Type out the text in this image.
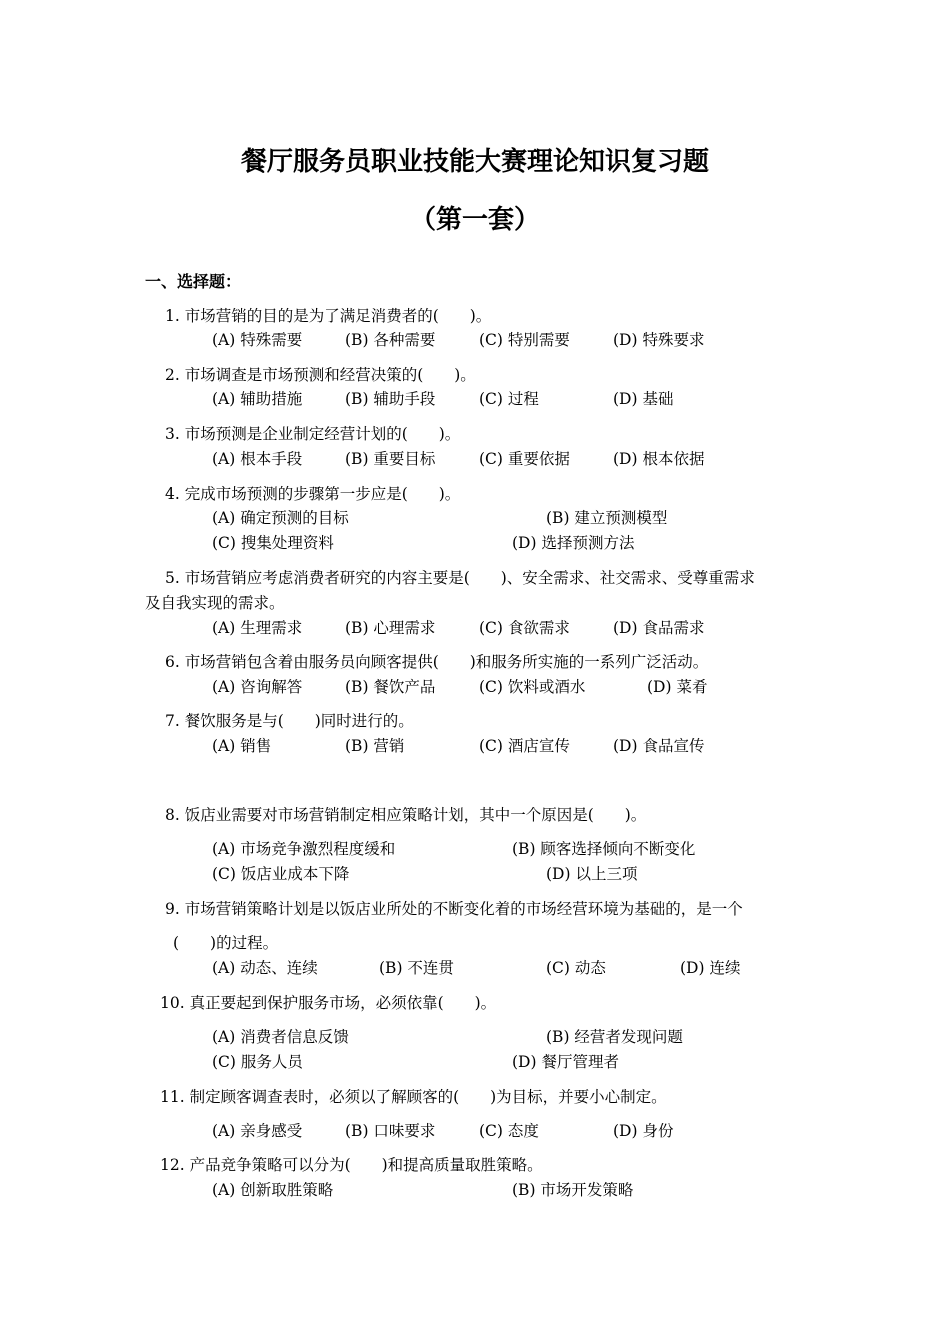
餐厅服务员职业技能大赛理论知识复习题
（第一套）
一、选择题：
1. 市场营销的目的是为了满足消费者的(　　)。
(A) 特殊需要	(B) 各种需要	(C) 特别需要	(D) 特殊要求
2. 市场调查是市场预测和经营决策的(　　)。
(A) 辅助措施	(B) 辅助手段	(C) 过程	(D) 基础
3. 市场预测是企业制定经营计划的(　　)。
(A) 根本手段	(B) 重要目标	(C) 重要依据	(D) 根本依据
4. 完成市场预测的步骤第一步应是(　　)。
(A) 确定预测的目标	(B) 建立预测模型
(C) 搜集处理资料	(D) 选择预测方法
5. 市场营销应考虑消费者研究的内容主要是(　　)、安全需求、社交需求、受尊重需求
及自我实现的需求。
(A) 生理需求	(B) 心理需求	(C) 食欲需求	(D) 食品需求
6. 市场营销包含着由服务员向顾客提供(　　)和服务所实施的一系列广泛活动。
(A) 咨询解答	(B) 餐饮产品	(C) 饮料或酒水	(D) 菜肴
7. 餐饮服务是与(　　)同时进行的。
(A) 销售	(B) 营销	(C) 酒店宣传	(D) 食品宣传
8. 饭店业需要对市场营销制定相应策略计划，其中一个原因是(　　)。
(A) 市场竞争激烈程度缓和	(B) 顾客选择倾向不断变化
(C) 饭店业成本下降	(D) 以上三项
9. 市场营销策略计划是以饭店业所处的不断变化着的市场经营环境为基础的，是一个
(　　)的过程。
(A) 动态、连续	(B) 不连贯	(C) 动态	(D) 连续
10. 真正要起到保护服务市场，必须依靠(　　)。
(A) 消费者信息反馈	(B) 经营者发现问题
(C) 服务人员	(D) 餐厅管理者
11. 制定顾客调查表时，必须以了解顾客的(　　)为目标，并要小心制定。
(A) 亲身感受	(B) 口味要求	(C) 态度	(D) 身份
12. 产品竞争策略可以分为(　　)和提高质量取胜策略。
(A) 创新取胜策略	(B) 市场开发策略
